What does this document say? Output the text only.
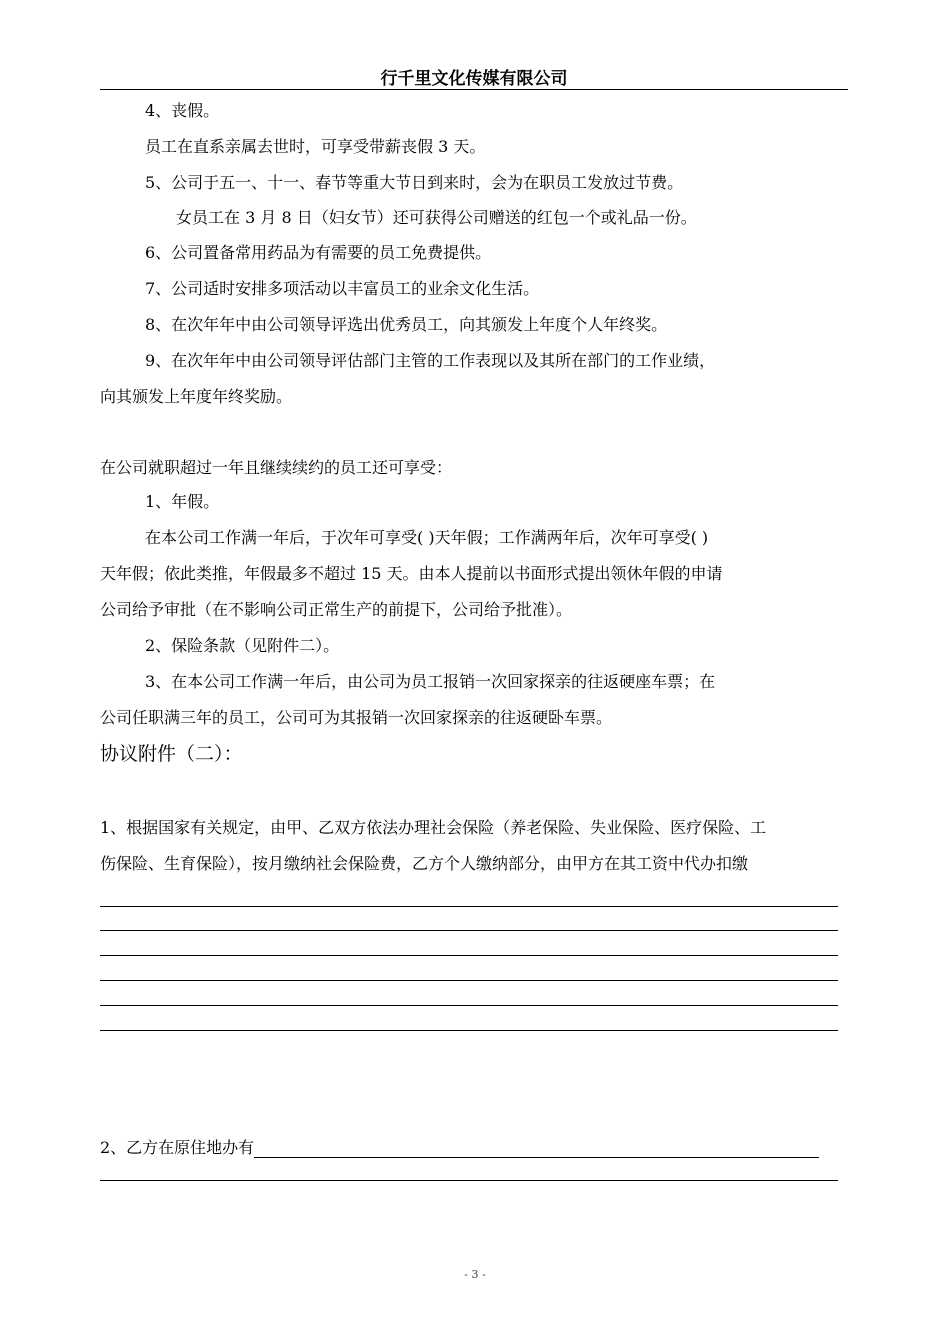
行千里文化传媒有限公司
4、丧假。
员工在直系亲属去世时，可享受带薪丧假 3 天。
5、公司于五一、十一、春节等重大节日到来时，会为在职员工发放过节费。
女员工在 3 月 8 日（妇女节）还可获得公司赠送的红包一个或礼品一份。
6、公司置备常用药品为有需要的员工免费提供。
7、公司适时安排多项活动以丰富员工的业余文化生活。
8、在次年年中由公司领导评选出优秀员工，向其颁发上年度个人年终奖。
9、在次年年中由公司领导评估部门主管的工作表现以及其所在部门的工作业绩，
向其颁发上年度年终奖励。
在公司就职超过一年且继续续约的员工还可享受：
1、年假。
在本公司工作满一年后，于次年可享受( )天年假；工作满两年后，次年可享受( )
天年假；依此类推，年假最多不超过 15 天。由本人提前以书面形式提出领休年假的申请
公司给予审批（在不影响公司正常生产的前提下，公司给予批准）。
2、保险条款（见附件二）。
3、在本公司工作满一年后，由公司为员工报销一次回家探亲的往返硬座车票；在
公司任职满三年的员工，公司可为其报销一次回家探亲的往返硬卧车票。
协议附件（二）：
1、根据国家有关规定，由甲、乙双方依法办理社会保险（养老保险、失业保险、医疗保险、工
伤保险、生育保险），按月缴纳社会保险费，乙方个人缴纳部分，由甲方在其工资中代办扣缴
2、乙方在原住地办有
- 3 -
